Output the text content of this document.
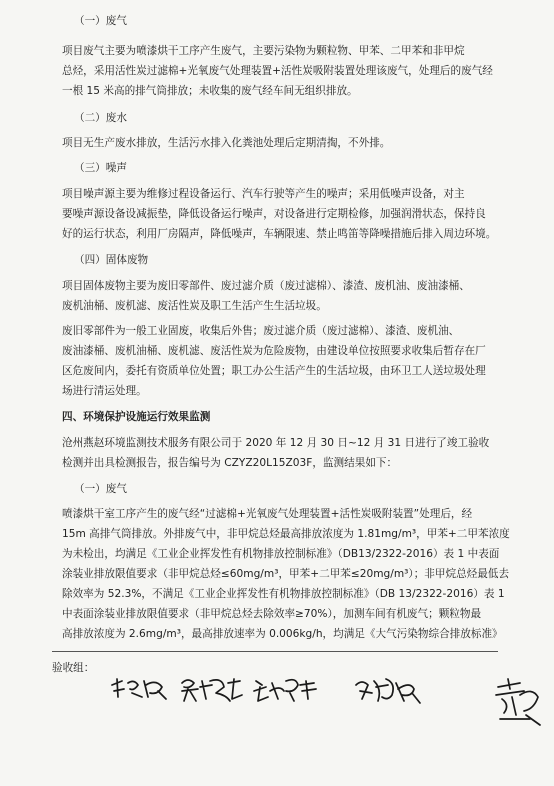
（一）废气
项目废气主要为喷漆烘干工序产生废气，主要污染物为颗粒物、甲苯、二甲苯和非甲烷
总烃，采用活性炭过滤棉+光氧废气处理装置+活性炭吸附装置处理该废气，处理后的废气经
一根 15 米高的排气筒排放；未收集的废气经车间无组织排放。
（二）废水
项目无生产废水排放，生活污水排入化粪池处理后定期清掏，不外排。
（三）噪声
项目噪声源主要为维修过程设备运行、汽车行驶等产生的噪声；采用低噪声设备，对主
要噪声源设备设减振垫，降低设备运行噪声，对设备进行定期检修，加强润滑状态，保持良
好的运行状态，利用厂房隔声，降低噪声，车辆限速、禁止鸣笛等降噪措施后排入周边环境。
（四）固体废物
项目固体废物主要为废旧零部件、废过滤介质（废过滤棉）、漆渣、废机油、废油漆桶、
废机油桶、废机滤、废活性炭及职工生活产生生活垃圾。
废旧零部件为一般工业固废，收集后外售；废过滤介质（废过滤棉）、漆渣、废机油、
废油漆桶、废机油桶、废机滤、废活性炭为危险废物，由建设单位按照要求收集后暂存在厂
区危废间内，委托有资质单位处置；职工办公生活产生的生活垃圾，由环卫工人送垃圾处理
场进行清运处理。
四、环境保护设施运行效果监测
沧州燕赵环境监测技术服务有限公司于 2020 年 12 月 30 日~12 月 31 日进行了竣工验收
检测并出具检测报告，报告编号为 CZYZ20L15Z03F，监测结果如下：
（一）废气
喷漆烘干室工序产生的废气经“过滤棉+光氧废气处理装置+活性炭吸附装置”处理后，经
15m 高排气筒排放。外排废气中，非甲烷总烃最高排放浓度为 1.81mg/m³，甲苯+二甲苯浓度
为未检出，均满足《工业企业挥发性有机物排放控制标准》（DB13/2322-2016）表 1 中表面
涂装业排放限值要求（非甲烷总烃≤60mg/m³，甲苯+二甲苯≤20mg/m³）；非甲烷总烃最低去
除效率为 52.3%，不满足《工业企业挥发性有机物排放控制标准》（DB 13/2322-2016）表 1
中表面涂装业排放限值要求（非甲烷总烃去除效率≥70%），加测车间有机废气；颗粒物最
高排放浓度为 2.6mg/m³，最高排放速率为 0.006kg/h，均满足《大气污染物综合排放标准》
验收组：
